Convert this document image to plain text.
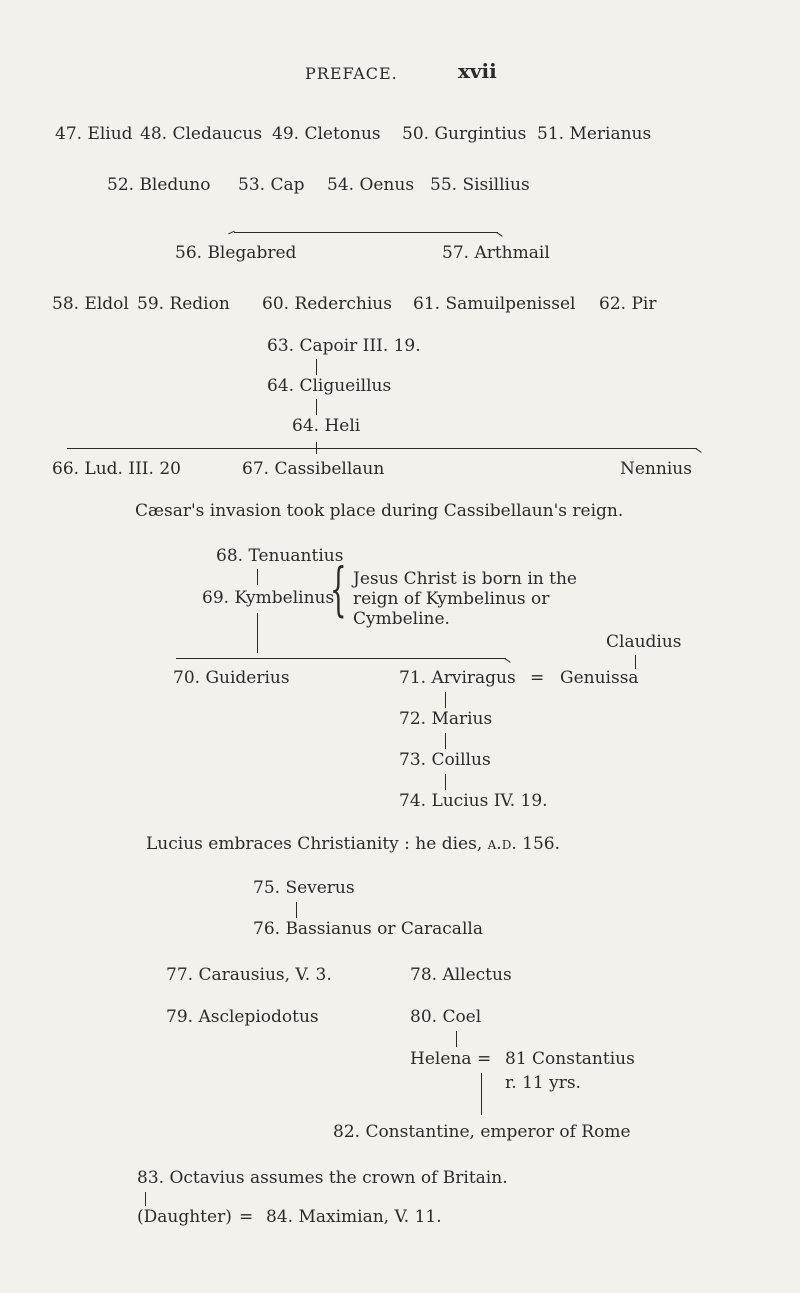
PREFACE.	xvii
47. Eliud 48. Cledaucus 49. Cletonus 50. Gurgintius 51. Merianus
52. Bleduno 53. Cap 54. Oenus 55. Sisillius
56. Blegabred	57. Arthmail
58. Eldol 59. Redion 60. Rederchius 61. Samuilpenissel 62. Pir
63. Capoir III. 19.
64. Cligueillus
64. Heli
66. Lud. III. 20	67. Cassibellaun	Nennius
Cæsar's invasion took place during Cassibellaun's reign.
68. Tenuantius
69. Kymbelinus
{ Jesus Christ is born in the
reign of Kymbelinus or
Cymbeline.
Claudius
70. Guiderius	71. Arviragus = Genuissa
72. Marius
73. Coillus
74. Lucius IV. 19.
Lucius embraces Christianity : he dies, a.d. 156.
75. Severus
76. Bassianus or Caracalla
77. Carausius, V. 3.	78. Allectus
79. Asclepiodotus	80. Coel
Helena = 81 Constantius
r. 11 yrs.
82. Constantine, emperor of Rome
83. Octavius assumes the crown of Britain.
(Daughter) = 84. Maximian, V. 11.
